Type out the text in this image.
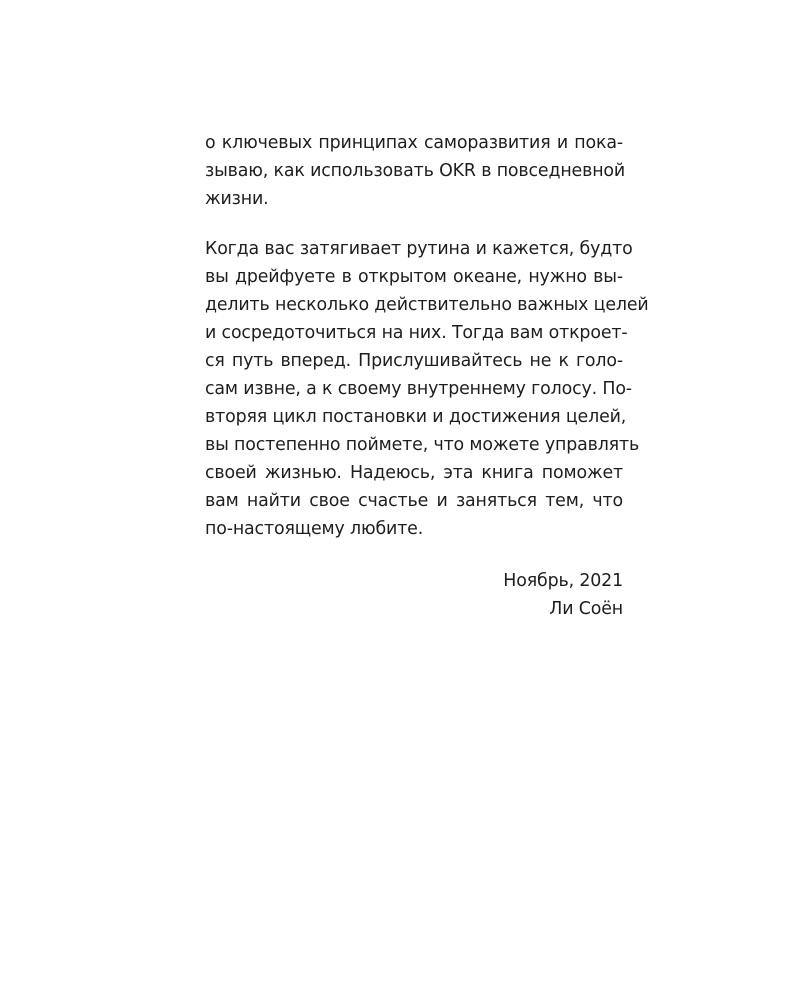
о ключевых принципах саморазвития и пока-
зываю, как использовать OKR в повседневной
жизни.
Когда вас затягивает рутина и кажется, будто
вы дрейфуете в открытом океане, нужно вы-
делить несколько действительно важных целей
и сосредоточиться на них. Тогда вам откроет-
ся путь вперед. Прислушивайтесь не к голо-
сам извне, а к своему внутреннему голосу. По-
вторяя цикл постановки и достижения целей,
вы постепенно поймете, что можете управлять
своей жизнью. Надеюсь, эта книга поможет
вам найти свое счастье и заняться тем, что
по-настоящему любите.
Ноябрь, 2021
Ли Соён
